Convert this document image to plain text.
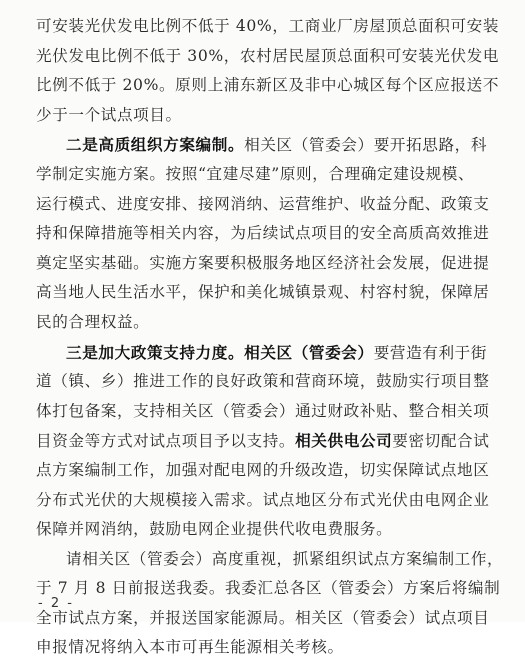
可安装光伏发电比例不低于 40%，工商业厂房屋顶总面积可安装
光伏发电比例不低于 30%，农村居民屋顶总面积可安装光伏发电
比例不低于 20%。原则上浦东新区及非中心城区每个区应报送不
少于一个试点项目。
二是高质组织方案编制。相关区（管委会）要开拓思路，科
学制定实施方案。按照“宜建尽建”原则，合理确定建设规模、
运行模式、进度安排、接网消纳、运营维护、收益分配、政策支
持和保障措施等相关内容，为后续试点项目的安全高质高效推进
奠定坚实基础。实施方案要积极服务地区经济社会发展，促进提
高当地人民生活水平，保护和美化城镇景观、村容村貌，保障居
民的合理权益。
三是加大政策支持力度。相关区（管委会）要营造有利于街
道（镇、乡）推进工作的良好政策和营商环境，鼓励实行项目整
体打包备案，支持相关区（管委会）通过财政补贴、整合相关项
目资金等方式对试点项目予以支持。相关供电公司要密切配合试
点方案编制工作，加强对配电网的升级改造，切实保障试点地区
分布式光伏的大规模接入需求。试点地区分布式光伏由电网企业
保障并网消纳，鼓励电网企业提供代收电费服务。
请相关区（管委会）高度重视，抓紧组织试点方案编制工作，
于 7 月 8 日前报送我委。我委汇总各区（管委会）方案后将编制
全市试点方案，并报送国家能源局。相关区（管委会）试点项目
申报情况将纳入本市可再生能源相关考核。
- 2 -
